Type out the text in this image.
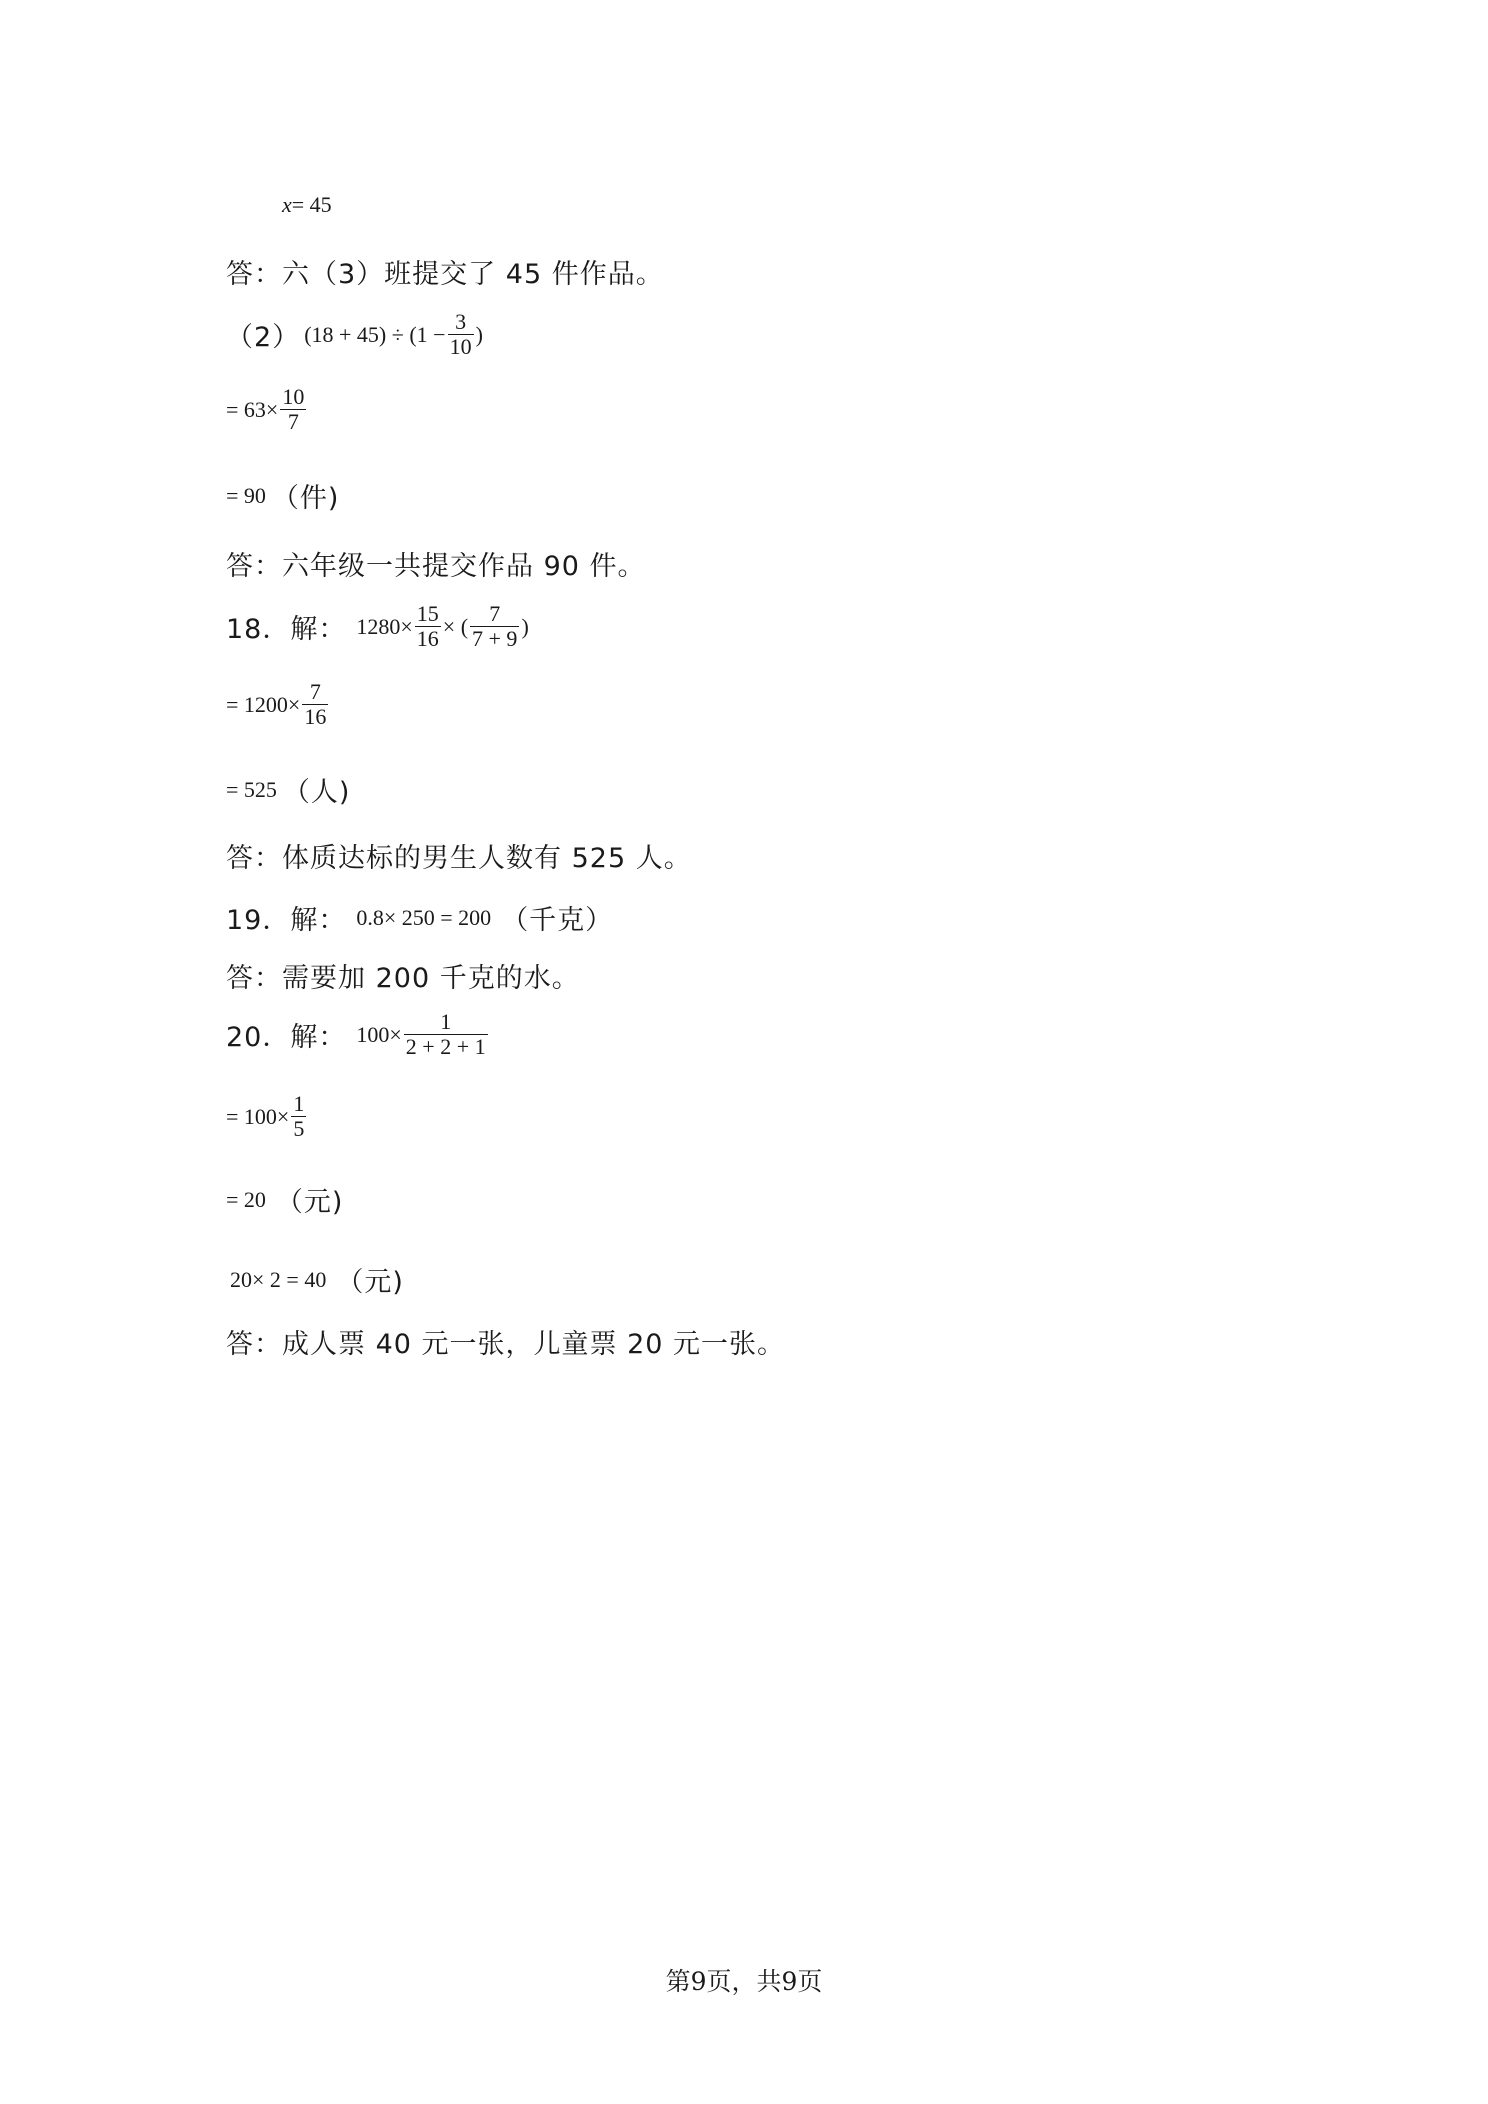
x = 45
答：六（3）班提交了 45 件作品。
（2） $(18 + 45) \div (1 - \frac{3}{10}$ )
= $63\times \frac{10}{7}$
= 90 （件)
答：六年级一共提交作品 90 件。
18．解： $1280\times \frac{15}{16}$ × ( $\frac{7}{7 + 9}$ )
= $1200\times \frac{7}{16}$
= 525 （人)
答：体质达标的男生人数有 525 人。
19．解： 0.8× 250 = 200 （千克）
答：需要加 200 千克的水。
20．解： $100\times \frac{1}{2 + 2 + 1}$
= $100\times \frac{1}{5}$
= 20 （元)
20× 2 = 40 （元)
答：成人票 40 元一张，儿童票 20 元一张。
第9页，共9页
